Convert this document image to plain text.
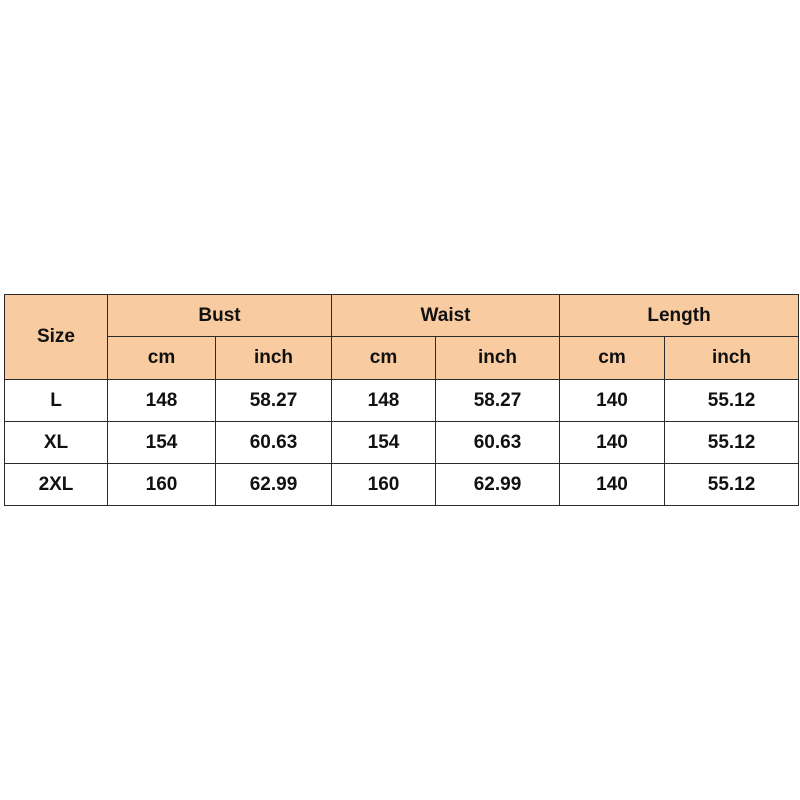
Size	Bust		Waist		Length	
	cm	inch	cm	inch	cm	inch
L	148	58.27	148	58.27	140	55.12
XL	154	60.63	154	60.63	140	55.12
2XL	160	62.99	160	62.99	140	55.12
